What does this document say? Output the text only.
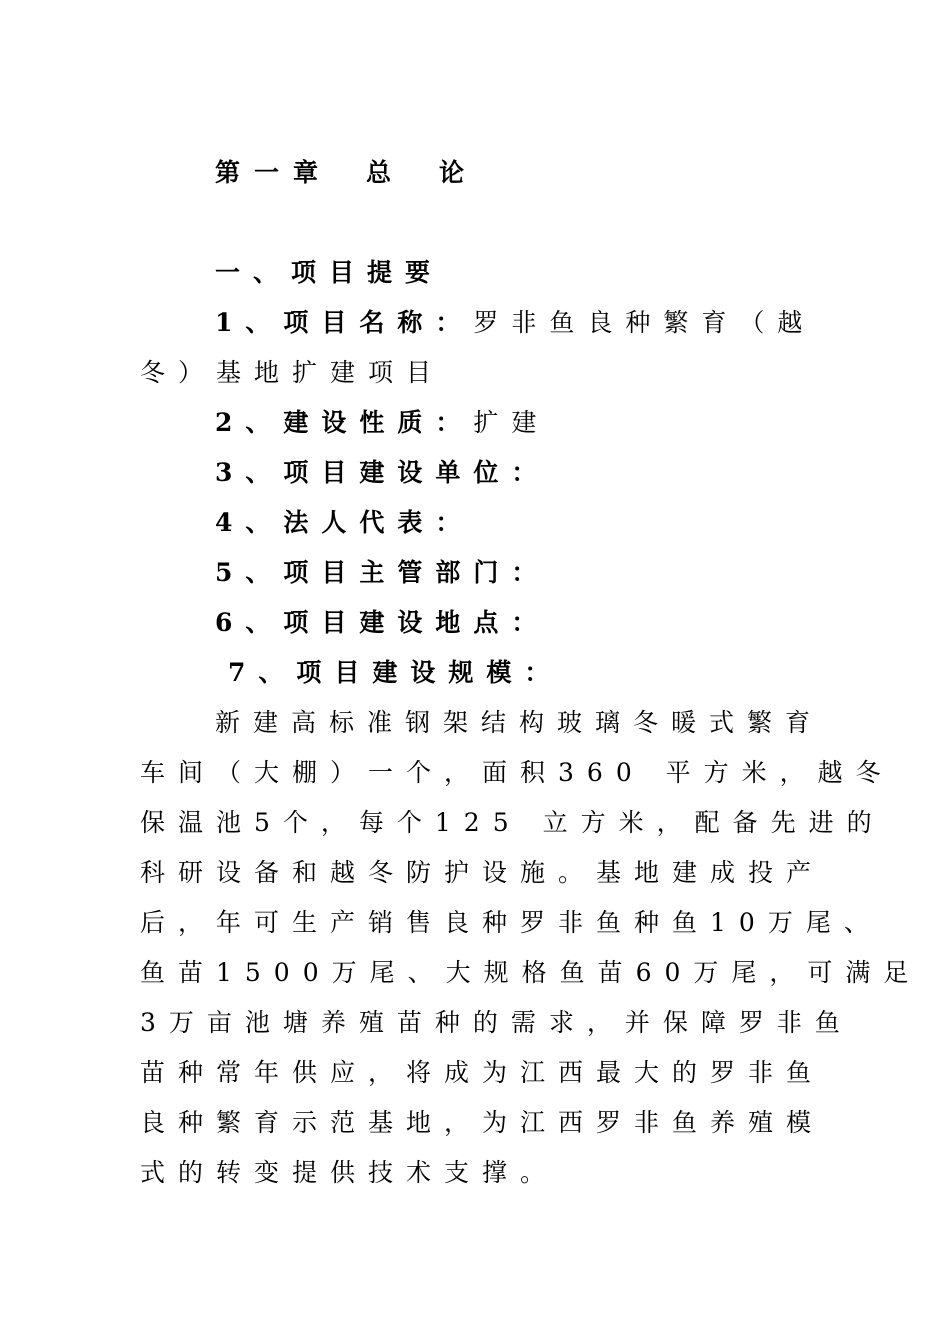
第一章 总 论
一、项目提要
1、项目名称：罗非鱼良种繁育（越
冬）基地扩建项目
2、建设性质：扩建
3、项目建设单位：
4、法人代表：
5、项目主管部门：
6、项目建设地点：
7、项目建设规模：
新建高标准钢架结构玻璃冬暖式繁育
车间（大棚）一个，面积360 平方米，越冬
保温池5个，每个125 立方米，配备先进的
科研设备和越冬防护设施。基地建成投产
后，年可生产销售良种罗非鱼种鱼10万尾、
鱼苗1500万尾、大规格鱼苗60万尾，可满足
3万亩池塘养殖苗种的需求，并保障罗非鱼
苗种常年供应，将成为江西最大的罗非鱼
良种繁育示范基地，为江西罗非鱼养殖模
式的转变提供技术支撑。
